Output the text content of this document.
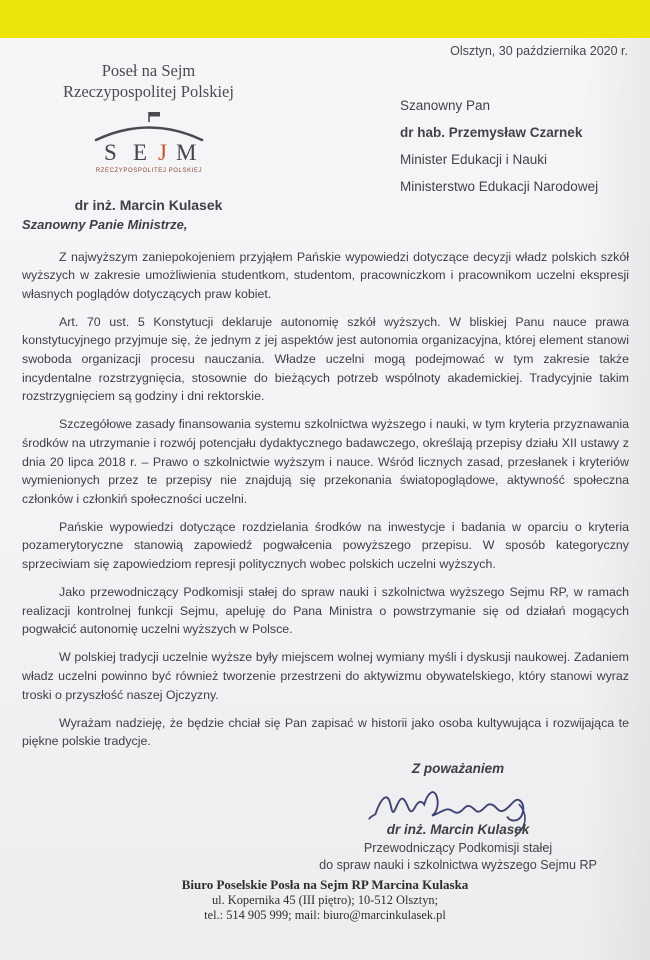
Olsztyn, 30 października 2020 r.
Poseł na Sejm
Rzeczypospolitej Polskiej
S E J M
RZECZYPOSPOLITEJ POLSKIEJ
dr inż. Marcin Kulasek
Szanowny Pan
dr hab. Przemysław Czarnek
Minister Edukacji i Nauki
Ministerstwo Edukacji Narodowej
Szanowny Panie Ministrze,

Z najwyższym zaniepokojeniem przyjąłem Pańskie wypowiedzi dotyczące decyzji władz polskich szkół wyższych w zakresie umożliwienia studentkom, studentom, pracowniczkom i pracownikom uczelni ekspresji własnych poglądów dotyczących praw kobiet.

Art. 70 ust. 5 Konstytucji deklaruje autonomię szkół wyższych. W bliskiej Panu nauce prawa konstytucyjnego przyjmuje się, że jednym z jej aspektów jest autonomia organizacyjna, której element stanowi swoboda organizacji procesu nauczania. Władze uczelni mogą podejmować w tym zakresie także incydentalne rozstrzygnięcia, stosownie do bieżących potrzeb wspólnoty akademickiej. Tradycyjnie takim rozstrzygnięciem są godziny i dni rektorskie.

Szczegółowe zasady finansowania systemu szkolnictwa wyższego i nauki, w tym kryteria przyznawania środków na utrzymanie i rozwój potencjału dydaktycznego badawczego, określają przepisy działu XII ustawy z dnia 20 lipca 2018 r. – Prawo o szkolnictwie wyższym i nauce. Wśród licznych zasad, przesłanek i kryteriów wymienionych przez te przepisy nie znajdują się przekonania światopoglądowe, aktywność społeczna członków i członkiń społeczności uczelni.

Pańskie wypowiedzi dotyczące rozdzielania środków na inwestycje i badania w oparciu o kryteria pozamerytoryczne stanowią zapowiedź pogwałcenia powyższego przepisu. W sposób kategoryczny sprzeciwiam się zapowiedziom represji politycznych wobec polskich uczelni wyższych.

Jako przewodniczący Podkomisji stałej do spraw nauki i szkolnictwa wyższego Sejmu RP, w ramach realizacji kontrolnej funkcji Sejmu, apeluję do Pana Ministra o powstrzymanie się od działań mogących pogwałcić autonomię uczelni wyższych w Polsce.

W polskiej tradycji uczelnie wyższe były miejscem wolnej wymiany myśli i dyskusji naukowej. Zadaniem władz uczelni powinno być również tworzenie przestrzeni do aktywizmu obywatelskiego, który stanowi wyraz troski o przyszłość naszej Ojczyzny.

Wyrażam nadzieję, że będzie chciał się Pan zapisać w historii jako osoba kultywująca i rozwijająca te piękne polskie tradycje.

Z poważaniem
dr inż. Marcin Kulasek
Przewodniczący Podkomisji stałej
do spraw nauki i szkolnictwa wyższego Sejmu RP
Biuro Poselskie Posła na Sejm RP Marcina Kulaska
ul. Kopernika 45 (III piętro); 10-512 Olsztyn;
tel.: 514 905 999; mail: biuro@marcinkulasek.pl
